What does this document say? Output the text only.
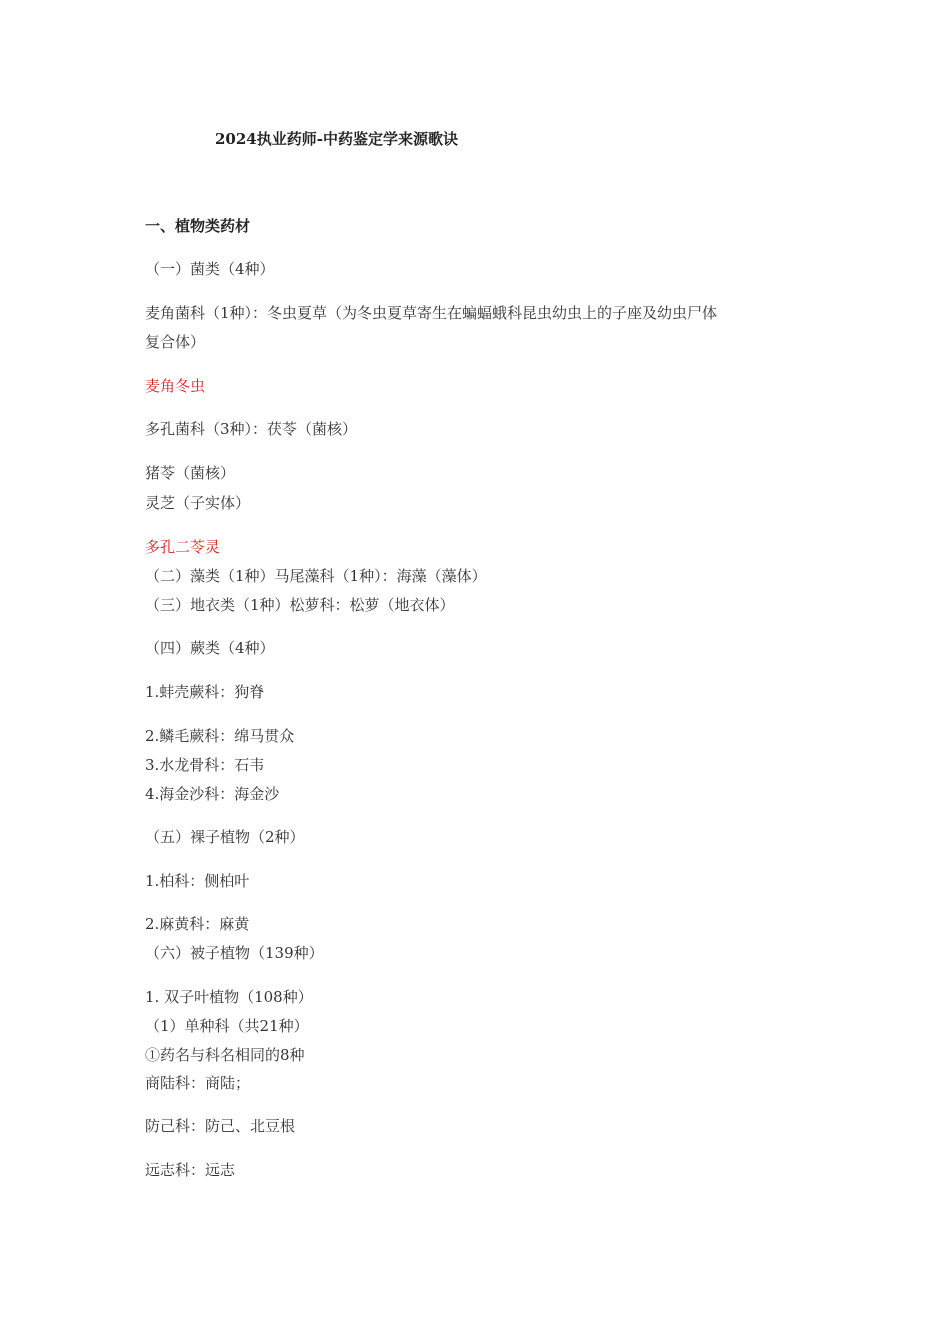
2024执业药师-中药鉴定学来源歌诀
一、植物类药材
（一）菌类（4种）
麦角菌科（1种）：冬虫夏草（为冬虫夏草寄生在蝙蝠蛾科昆虫幼虫上的子座及幼虫尸体
复合体）
麦角冬虫
多孔菌科（3种）：茯苓（菌核）
猪苓（菌核）
灵芝（子实体）
多孔二苓灵
（二）藻类（1种）马尾藻科（1种）：海藻（藻体）
（三）地衣类（1种）松萝科：松萝（地衣体）
（四）蕨类（4种）
1.蚌壳蕨科：狗脊
2.鳞毛蕨科：绵马贯众
3.水龙骨科：石韦
4.海金沙科：海金沙
（五）裸子植物（2种）
1.柏科：侧柏叶
2.麻黄科：麻黄
（六）被子植物（139种）
1. 双子叶植物（108种）
（1）单种科（共21种）
①药名与科名相同的8种
商陆科：商陆；
防己科：防己、北豆根
远志科：远志
